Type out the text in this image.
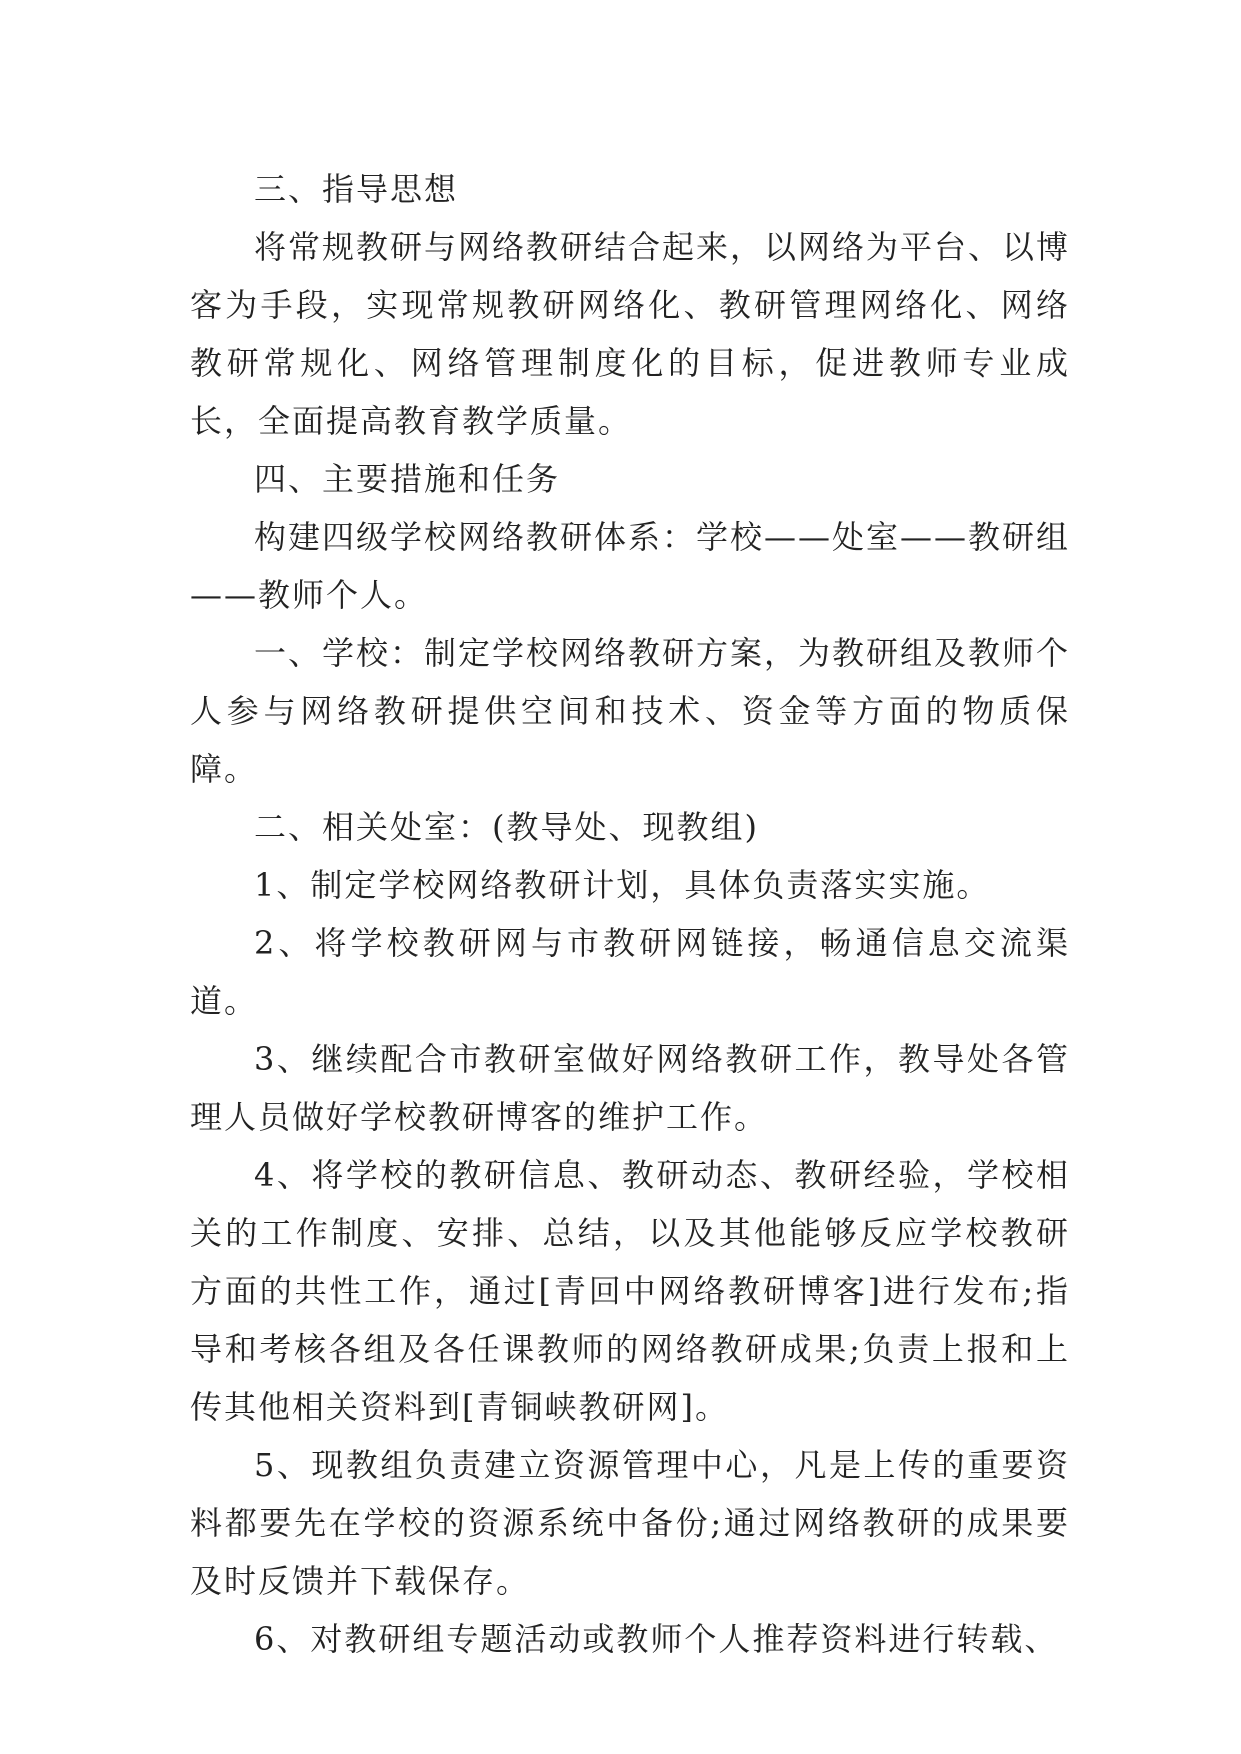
三、指导思想

将常规教研与网络教研结合起来，以网络为平台、以博客为手段，实现常规教研网络化、教研管理网络化、网络教研常规化、网络管理制度化的目标，促进教师专业成长，全面提高教育教学质量。

四、主要措施和任务

构建四级学校网络教研体系：学校——处室——教研组——教师个人。

一、学校：制定学校网络教研方案，为教研组及教师个人参与网络教研提供空间和技术、资金等方面的物质保障。

二、相关处室：(教导处、现教组)

1、制定学校网络教研计划，具体负责落实实施。

2、将学校教研网与市教研网链接，畅通信息交流渠道。

3、继续配合市教研室做好网络教研工作，教导处各管理人员做好学校教研博客的维护工作。

4、将学校的教研信息、教研动态、教研经验，学校相关的工作制度、安排、总结，以及其他能够反应学校教研方面的共性工作，通过[青回中网络教研博客]进行发布;指导和考核各组及各任课教师的网络教研成果;负责上报和上传其他相关资料到[青铜峡教研网]。

5、现教组负责建立资源管理中心，凡是上传的重要资料都要先在学校的资源系统中备份;通过网络教研的成果要及时反馈并下载保存。

6、对教研组专题活动或教师个人推荐资料进行转载、
